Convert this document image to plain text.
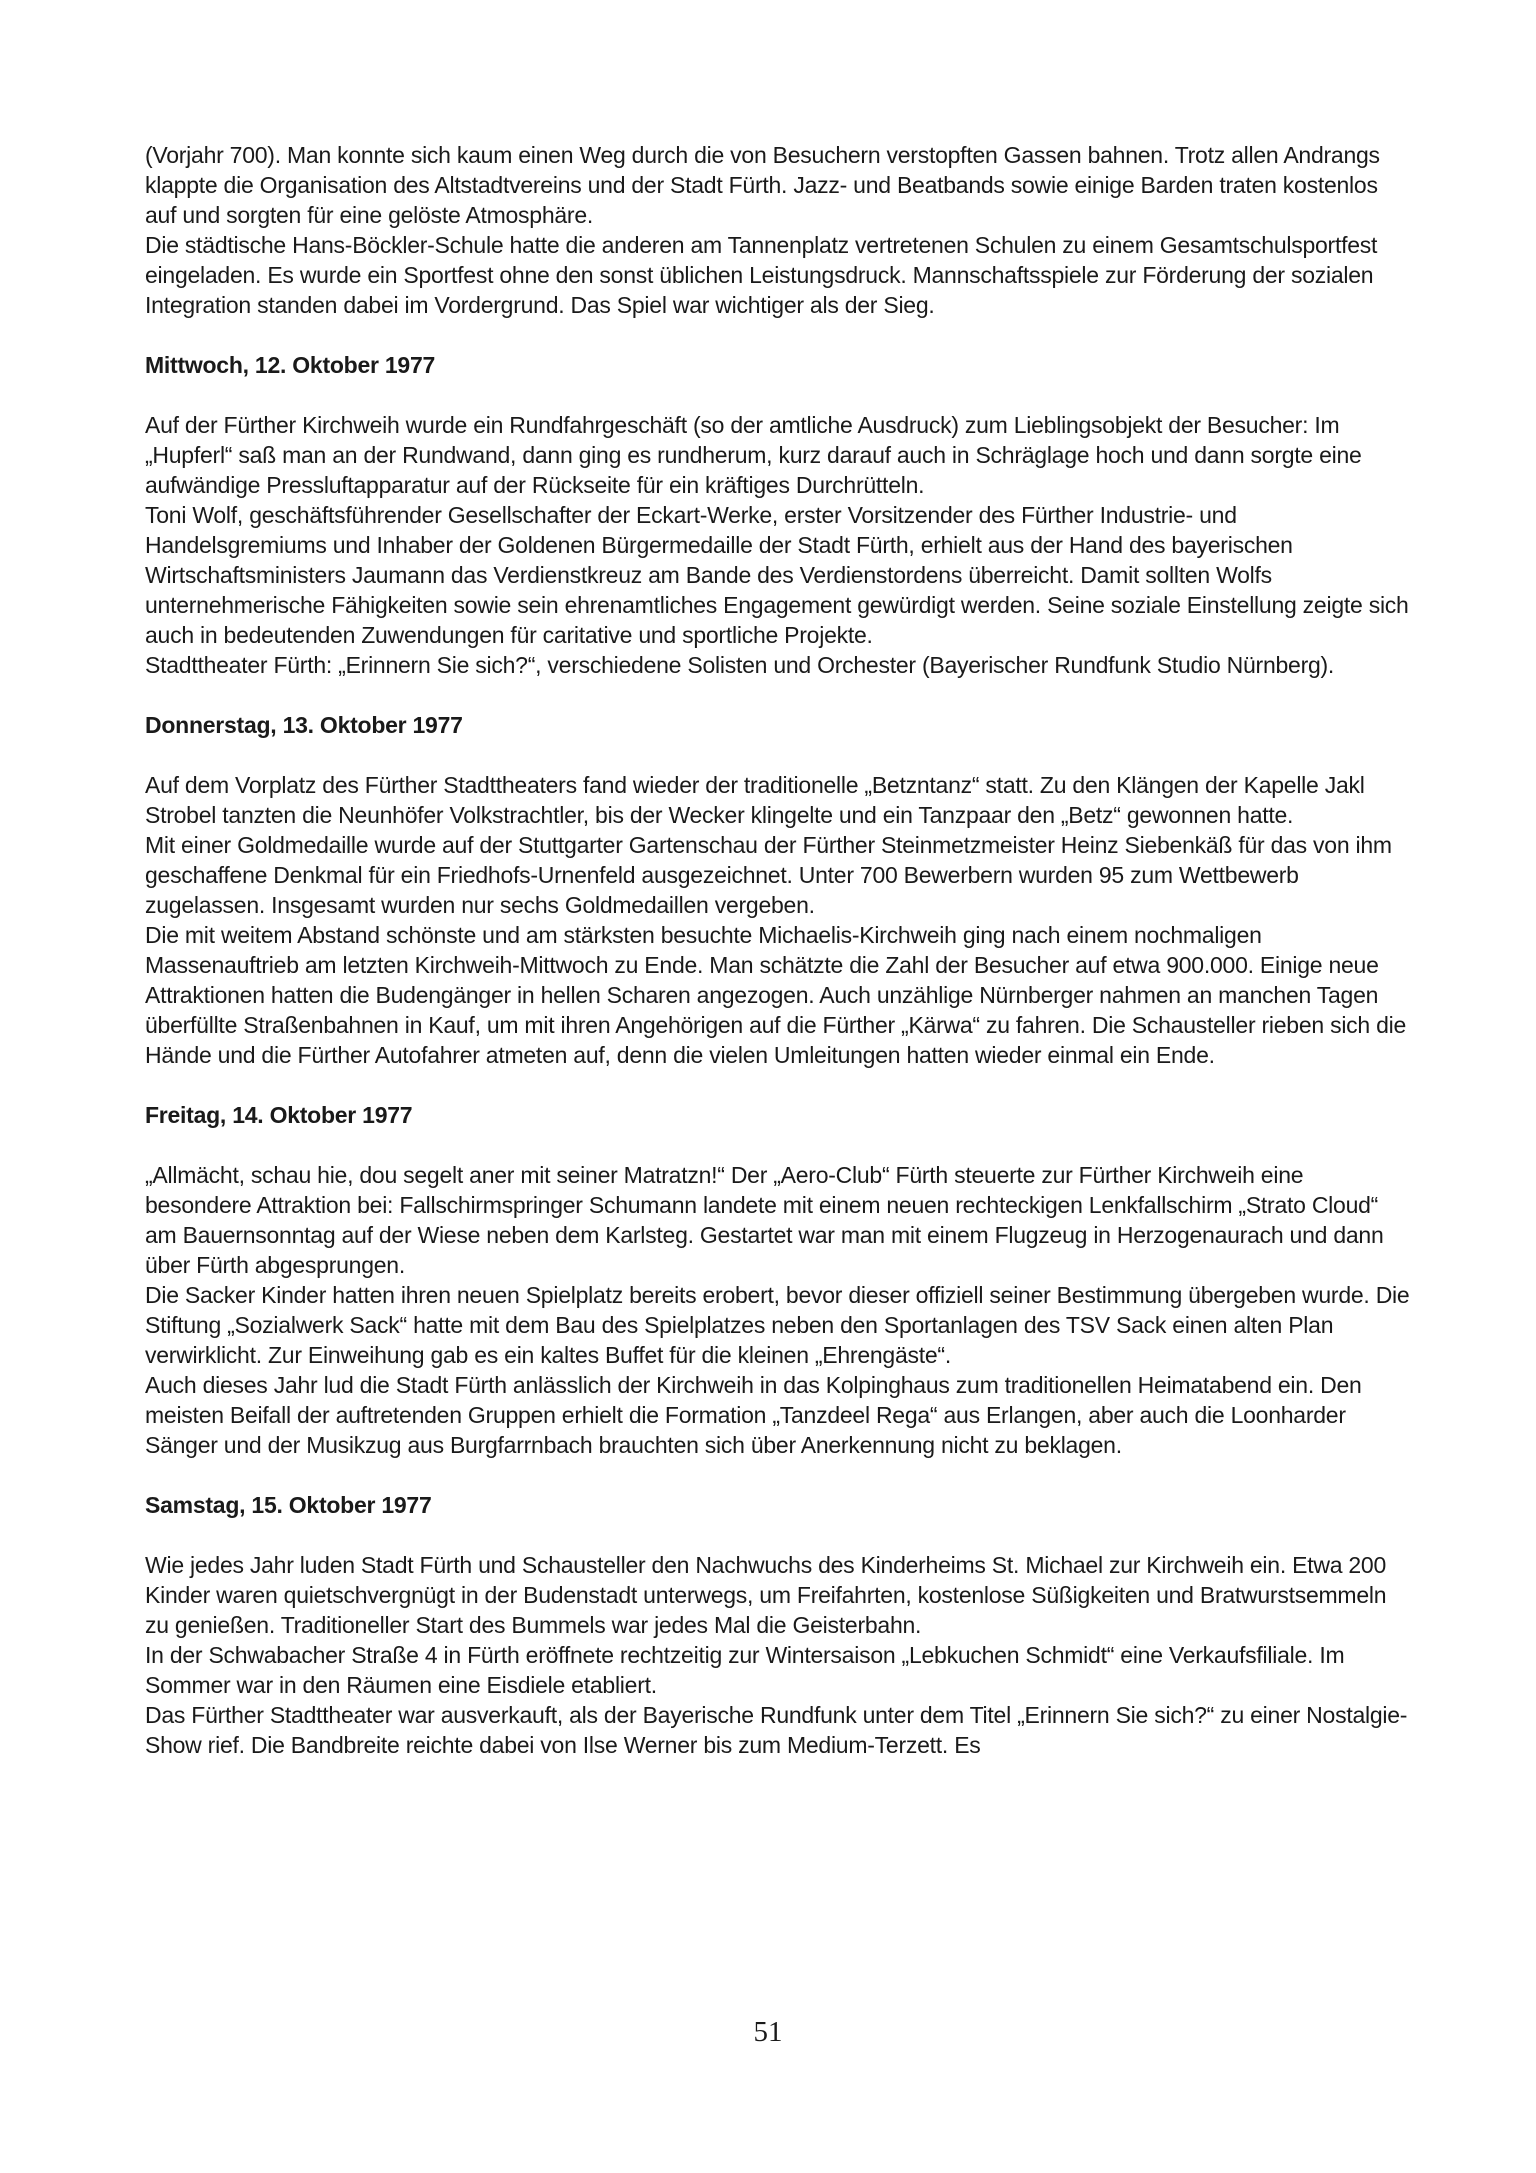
(Vorjahr 700). Man konnte sich kaum einen Weg durch die von Besuchern verstopften Gassen bahnen. Trotz allen Andrangs klappte die Organisation des Altstadtvereins und der Stadt Fürth. Jazz- und Beatbands sowie einige Barden traten kostenlos auf und sorgten für eine gelöste Atmosphäre.

Die städtische Hans-Böckler-Schule hatte die anderen am Tannenplatz vertretenen Schulen zu einem Gesamtschulsportfest eingeladen. Es wurde ein Sportfest ohne den sonst üblichen Leistungsdruck. Mannschaftsspiele zur Förderung der sozialen Integration standen dabei im Vordergrund. Das Spiel war wichtiger als der Sieg.

Mittwoch, 12. Oktober 1977

Auf der Fürther Kirchweih wurde ein Rundfahrgeschäft (so der amtliche Ausdruck) zum Lieblingsobjekt der Besucher: Im „Hupferl“ saß man an der Rundwand, dann ging es rundherum, kurz darauf auch in Schräglage hoch und dann sorgte eine aufwändige Pressluftapparatur auf der Rückseite für ein kräftiges Durchrütteln.

Toni Wolf, geschäftsführender Gesellschafter der Eckart-Werke, erster Vorsitzender des Fürther Industrie- und Handelsgremiums und Inhaber der Goldenen Bürgermedaille der Stadt Fürth, erhielt aus der Hand des bayerischen Wirtschaftsministers Jaumann das Verdienstkreuz am Bande des Verdienstordens überreicht. Damit sollten Wolfs unternehmerische Fähigkeiten sowie sein ehrenamtliches Engagement gewürdigt werden. Seine soziale Einstellung zeigte sich auch in bedeutenden Zuwendungen für caritative und sportliche Projekte.

Stadttheater Fürth: „Erinnern Sie sich?“, verschiedene Solisten und Orchester (Bayerischer Rundfunk Studio Nürnberg).

Donnerstag, 13. Oktober 1977

Auf dem Vorplatz des Fürther Stadttheaters fand wieder der traditionelle „Betzntanz“ statt. Zu den Klängen der Kapelle Jakl Strobel tanzten die Neunhöfer Volkstrachtler, bis der Wecker klingelte und ein Tanzpaar den „Betz“ gewonnen hatte.

Mit einer Goldmedaille wurde auf der Stuttgarter Gartenschau der Fürther Steinmetzmeister Heinz Siebenkäß für das von ihm geschaffene Denkmal für ein Friedhofs-Urnenfeld ausgezeichnet. Unter 700 Bewerbern wurden 95 zum Wettbewerb zugelassen. Insgesamt wurden nur sechs Goldmedaillen vergeben.

Die mit weitem Abstand schönste und am stärksten besuchte Michaelis-Kirchweih ging nach einem nochmaligen Massenauftrieb am letzten Kirchweih-Mittwoch zu Ende. Man schätzte die Zahl der Besucher auf etwa 900.000. Einige neue Attraktionen hatten die Budengänger in hellen Scharen angezogen. Auch unzählige Nürnberger nahmen an manchen Tagen überfüllte Straßenbahnen in Kauf, um mit ihren Angehörigen auf die Fürther „Kärwa“ zu fahren. Die Schausteller rieben sich die Hände und die Fürther Autofahrer atmeten auf, denn die vielen Umleitungen hatten wieder einmal ein Ende.

Freitag, 14. Oktober 1977

„Allmächt, schau hie, dou segelt aner mit seiner Matratzn!“ Der „Aero-Club“ Fürth steuerte zur Fürther Kirchweih eine besondere Attraktion bei: Fallschirmspringer Schumann landete mit einem neuen rechteckigen Lenkfallschirm „Strato Cloud“ am Bauernsonntag auf der Wiese neben dem Karlsteg. Gestartet war man mit einem Flugzeug in Herzogenaurach und dann über Fürth abgesprungen.

Die Sacker Kinder hatten ihren neuen Spielplatz bereits erobert, bevor dieser offiziell seiner Bestimmung übergeben wurde. Die Stiftung „Sozialwerk Sack“ hatte mit dem Bau des Spielplatzes neben den Sportanlagen des TSV Sack einen alten Plan verwirklicht. Zur Einweihung gab es ein kaltes Buffet für die kleinen „Ehrengäste“.

Auch dieses Jahr lud die Stadt Fürth anlässlich der Kirchweih in das Kolpinghaus zum traditionellen Heimatabend ein. Den meisten Beifall der auftretenden Gruppen erhielt die Formation „Tanzdeel Rega“ aus Erlangen, aber auch die Loonharder Sänger und der Musikzug aus Burgfarrnbach brauchten sich über Anerkennung nicht zu beklagen.

Samstag, 15. Oktober 1977

Wie jedes Jahr luden Stadt Fürth und Schausteller den Nachwuchs des Kinderheims St. Michael zur Kirchweih ein. Etwa 200 Kinder waren quietschvergnügt in der Budenstadt unterwegs, um Freifahrten, kostenlose Süßigkeiten und Bratwurstsemmeln zu genießen. Traditioneller Start des Bummels war jedes Mal die Geisterbahn.

In der Schwabacher Straße 4 in Fürth eröffnete rechtzeitig zur Wintersaison „Lebkuchen Schmidt“ eine Verkaufsfiliale. Im Sommer war in den Räumen eine Eisdiele etabliert.

Das Fürther Stadttheater war ausverkauft, als der Bayerische Rundfunk unter dem Titel „Erinnern Sie sich?“ zu einer Nostalgie-Show rief. Die Bandbreite reichte dabei von Ilse Werner bis zum Medium-Terzett. Es

51
